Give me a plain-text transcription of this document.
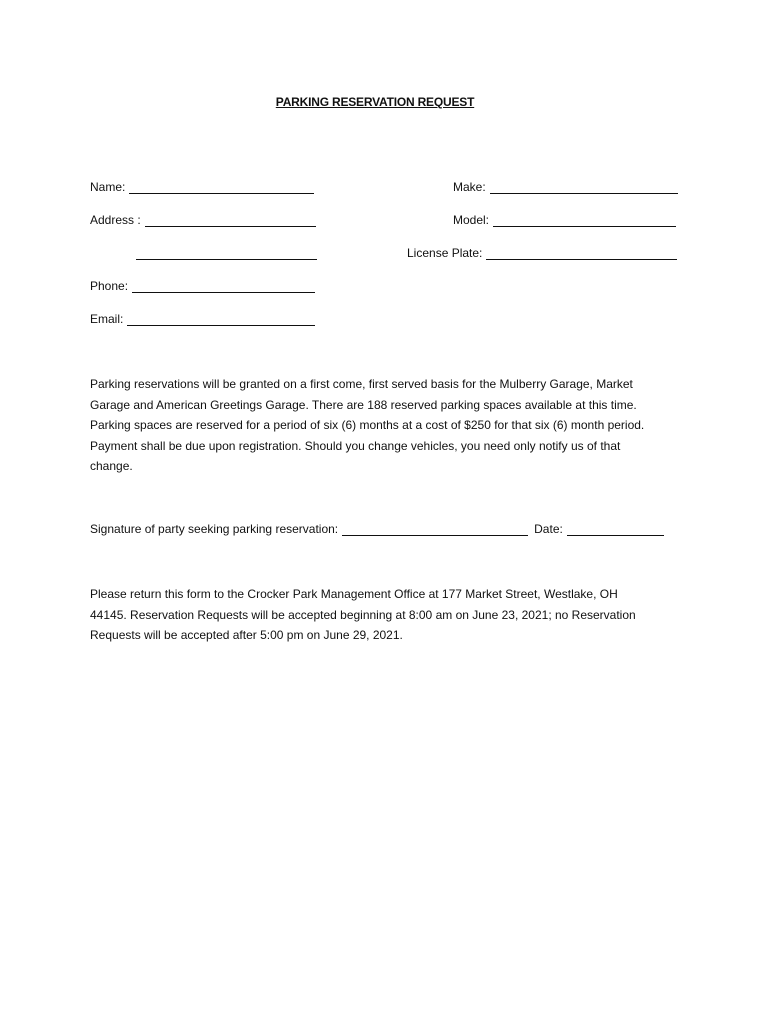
PARKING RESERVATION REQUEST
Name:
Address :
Phone:
Email:
Make:
Model:
License Plate:
Parking reservations will be granted on a first come, first served basis for the Mulberry Garage, Market
Garage and American Greetings Garage. There are 188 reserved parking spaces available at this time.
Parking spaces are reserved for a period of six (6) months at a cost of $250 for that six (6) month period.
Payment shall be due upon registration. Should you change vehicles, you need only notify us of that
change.
Signature of party seeking parking reservation:	Date:
Please return this form to the Crocker Park Management Office at 177 Market Street, Westlake, OH
44145. Reservation Requests will be accepted beginning at 8:00 am on June 23, 2021; no Reservation
Requests will be accepted after 5:00 pm on June 29, 2021.
